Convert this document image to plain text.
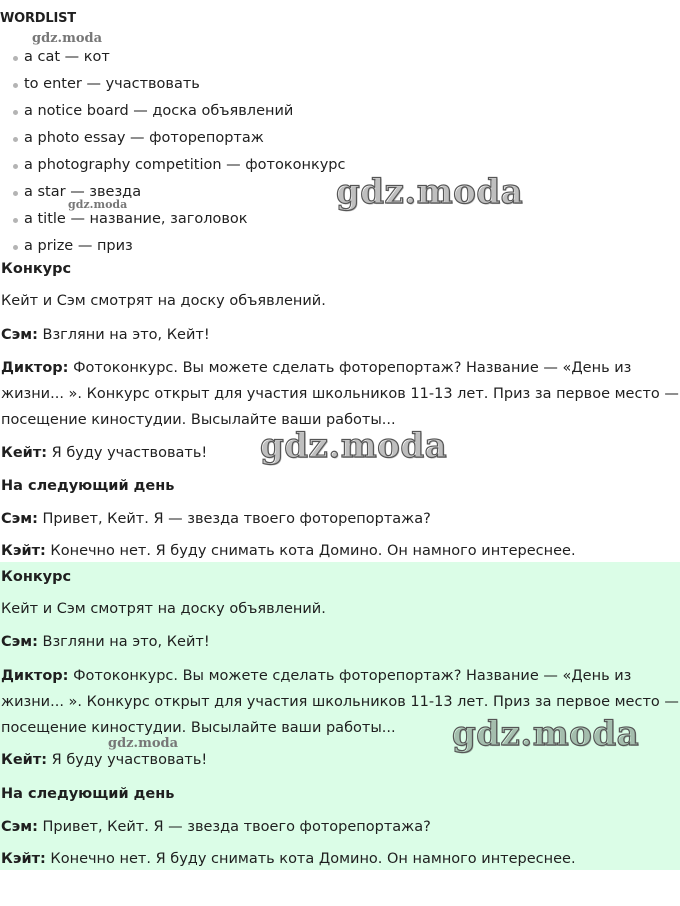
WORDLIST
a cat — кот
to enter — участвовать
a notice board — доска объявлений
a photo essay — фоторепортаж
a photography competition — фотоконкурс
a star — звезда
a title — название, заголовок
a prize — приз

Конкурс

Кейт и Сэм смотрят на доску объявлений.

Сэм: Взгляни на это, Кейт!

Диктор: Фотоконкурс. Вы можете сделать фоторепортаж? Название — «День из жизни... ». Конкурс открыт для участия школьников 11-13 лет. Приз за первое место — посещение киностудии. Высылайте ваши работы...

Кейт: Я буду участвовать!

На следующий день

Сэм: Привет, Кейт. Я — звезда твоего фоторепортажа?

Кэйт: Конечно нет. Я буду снимать кота Домино. Он намного интереснее.

Конкурс

Кейт и Сэм смотрят на доску объявлений.

Сэм: Взгляни на это, Кейт!

Диктор: Фотоконкурс. Вы можете сделать фоторепортаж? Название — «День из жизни... ». Конкурс открыт для участия школьников 11-13 лет. Приз за первое место — посещение киностудии. Высылайте ваши работы...

Кейт: Я буду участвовать!

На следующий день

Сэм: Привет, Кейт. Я — звезда твоего фоторепортажа?

Кэйт: Конечно нет. Я буду снимать кота Домино. Он намного интереснее.

gdz.moda
gdz.moda
gdz.moda
gdz.moda
gdz.moda	gdz.moda
